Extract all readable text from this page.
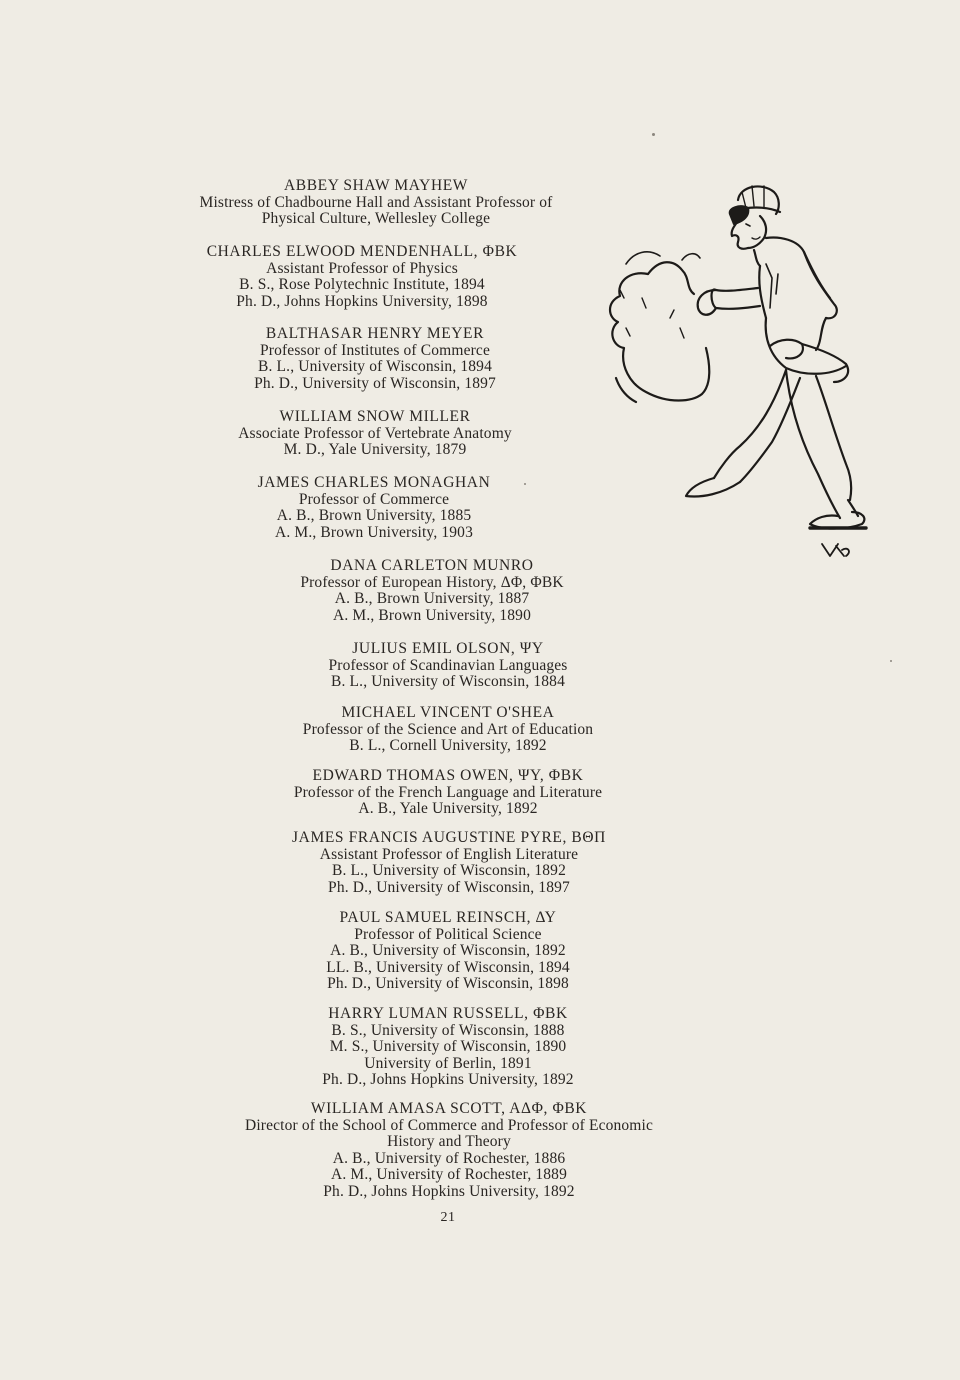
ABBEY SHAW MAYHEW
Mistress of Chadbourne Hall and Assistant Professor of
Physical Culture, Wellesley College
CHARLES ELWOOD MENDENHALL, ΦBK
Assistant Professor of Physics
B. S., Rose Polytechnic Institute, 1894
Ph. D., Johns Hopkins University, 1898
BALTHASAR HENRY MEYER
Professor of Institutes of Commerce
B. L., University of Wisconsin, 1894
Ph. D., University of Wisconsin, 1897
WILLIAM SNOW MILLER
Associate Professor of Vertebrate Anatomy
M. D., Yale University, 1879
JAMES CHARLES MONAGHAN
Professor of Commerce
A. B., Brown University, 1885
A. M., Brown University, 1903
DANA CARLETON MUNRO
Professor of European History, ΔΦ, ΦBK
A. B., Brown University, 1887
A. M., Brown University, 1890
JULIUS EMIL OLSON, ΨΥ
Professor of Scandinavian Languages
B. L., University of Wisconsin, 1884
MICHAEL VINCENT O'SHEA
Professor of the Science and Art of Education
B. L., Cornell University, 1892
EDWARD THOMAS OWEN, ΨΥ, ΦBK
Professor of the French Language and Literature
A. B., Yale University, 1892
JAMES FRANCIS AUGUSTINE PYRE, BΘΠ
Assistant Professor of English Literature
B. L., University of Wisconsin, 1892
Ph. D., University of Wisconsin, 1897
PAUL SAMUEL REINSCH, ΔΥ
Professor of Political Science
A. B., University of Wisconsin, 1892
LL. B., University of Wisconsin, 1894
Ph. D., University of Wisconsin, 1898
HARRY LUMAN RUSSELL, ΦBK
B. S., University of Wisconsin, 1888
M. S., University of Wisconsin, 1890
University of Berlin, 1891
Ph. D., Johns Hopkins University, 1892
WILLIAM AMASA SCOTT, AΔΦ, ΦBK
Director of the School of Commerce and Professor of Economic
History and Theory
A. B., University of Rochester, 1886
A. M., University of Rochester, 1889
Ph. D., Johns Hopkins University, 1892
21
